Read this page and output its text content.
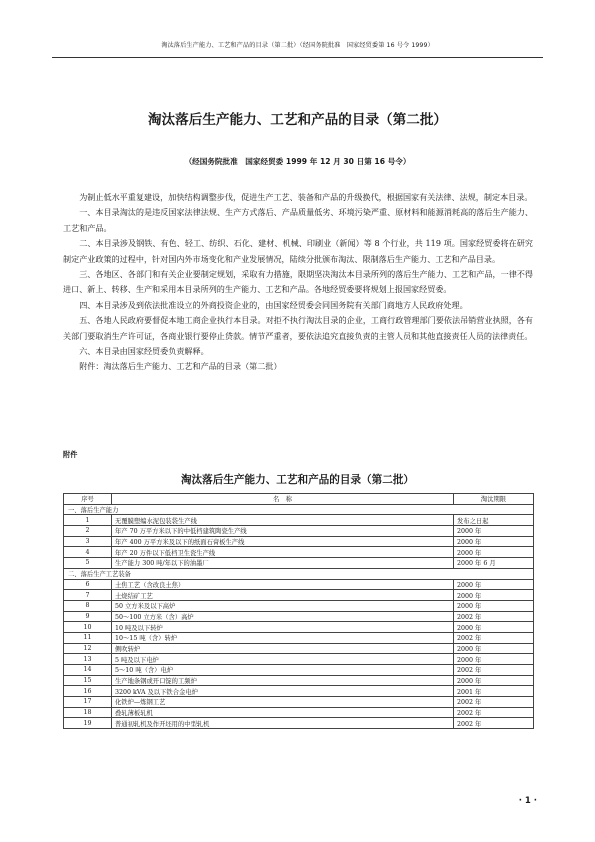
淘汰落后生产能力、工艺和产品的目录（第二批）（经国务院批准　国家经贸委第 16 号令 1999）
淘汰落后生产能力、工艺和产品的目录（第二批）
（经国务院批准　国家经贸委 1999 年 12 月 30 日第 16 号令）

为制止低水平重复建设，加快结构调整步伐，促进生产工艺、装备和产品的升级换代，根据国家有关法律、法规，制定本目录。

一、本目录淘汰的是违反国家法律法规、生产方式落后、产品质量低劣、环境污染严重、原材料和能源消耗高的落后生产能力、工艺和产品。

二、本目录涉及钢铁、有色、轻工、纺织、石化、建材、机械、印刷业（新闻）等 8 个行业，共 119 项。国家经贸委将在研究制定产业政策的过程中，针对国内外市场变化和产业发展情况，陆续分批颁布淘汰、限制落后生产能力、工艺和产品目录。

三、各地区、各部门和有关企业要制定规划，采取有力措施，限期坚决淘汰本目录所列的落后生产能力、工艺和产品，一律不得进口、新上、转移、生产和采用本目录所列的生产能力、工艺和产品。各地经贸委要将规划上报国家经贸委。

四、本目录涉及到依法批准设立的外商投资企业的，由国家经贸委会同国务院有关部门商地方人民政府处理。

五、各地人民政府要督促本地工商企业执行本目录。对拒不执行淘汰目录的企业，工商行政管理部门要依法吊销营业执照，各有关部门要取消生产许可证，各商业银行要停止贷款。情节严重者，要依法追究直接负责的主管人员和其他直接责任人员的法律责任。

六、本目录由国家经贸委负责解释。

附件：淘汰落后生产能力、工艺和产品的目录（第二批）

附件
淘汰落后生产能力、工艺和产品的目录（第二批）
序号	名　称	淘汰期限
一、落后生产能力		
1	无覆膜塑编水泥包装袋生产线	发布之日起
2	年产 70 万平方米以下的中低档建筑陶瓷生产线	2000 年
3	年产 400 万平方米及以下的纸面石膏板生产线	2000 年
4	年产 20 万件以下低档卫生瓷生产线	2000 年
5	生产能力 300 吨/年以下的油墨厂	2000 年 6 月
二、落后生产工艺装备		
6	土焦工艺（含改良土焦）	2000 年
7	土烧结矿工艺	2000 年
8	50 立方米及以下高炉	2000 年
9	50～100 立方米（含）高炉	2002 年
10	10 吨及以下转炉	2000 年
11	10～15 吨（含）转炉	2002 年
12	侧吹转炉	2000 年
13	5 吨及以下电炉	2000 年
14	5～10 吨（含）电炉	2002 年
15	生产地条钢或开口锭的工频炉	2000 年
16	3200 kVA 及以下铁合金电炉	2001 年
17	化铁炉—炼钢工艺	2002 年
18	叠轧薄板轧机	2002 年
19	普通初轧机及作开坯用的中型轧机	2002 年
· 1 ·
